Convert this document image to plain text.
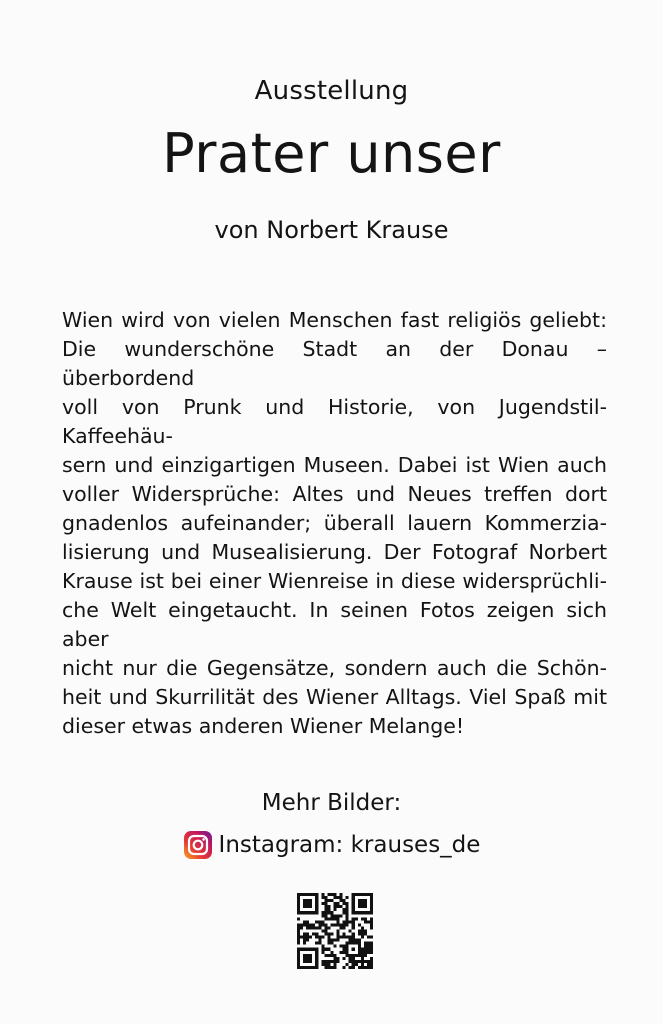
Ausstellung
Prater unser
von Norbert Krause
Wien wird von vielen Menschen fast religiös geliebt:
Die wunderschöne Stadt an der Donau – überbordend
voll von Prunk und Historie, von Jugendstil-Kaffeehäu-
sern und einzigartigen Museen. Dabei ist Wien auch
voller Widersprüche: Altes und Neues treffen dort
gnadenlos aufeinander; überall lauern Kommerzia-
lisierung und Musealisierung. Der Fotograf Norbert
Krause ist bei einer Wienreise in diese widersprüchli-
che Welt eingetaucht. In seinen Fotos zeigen sich aber
nicht nur die Gegensätze, sondern auch die Schön-
heit und Skurrilität des Wiener Alltags. Viel Spaß mit
dieser etwas anderen Wiener Melange!
Mehr Bilder:
Instagram: krauses_de
